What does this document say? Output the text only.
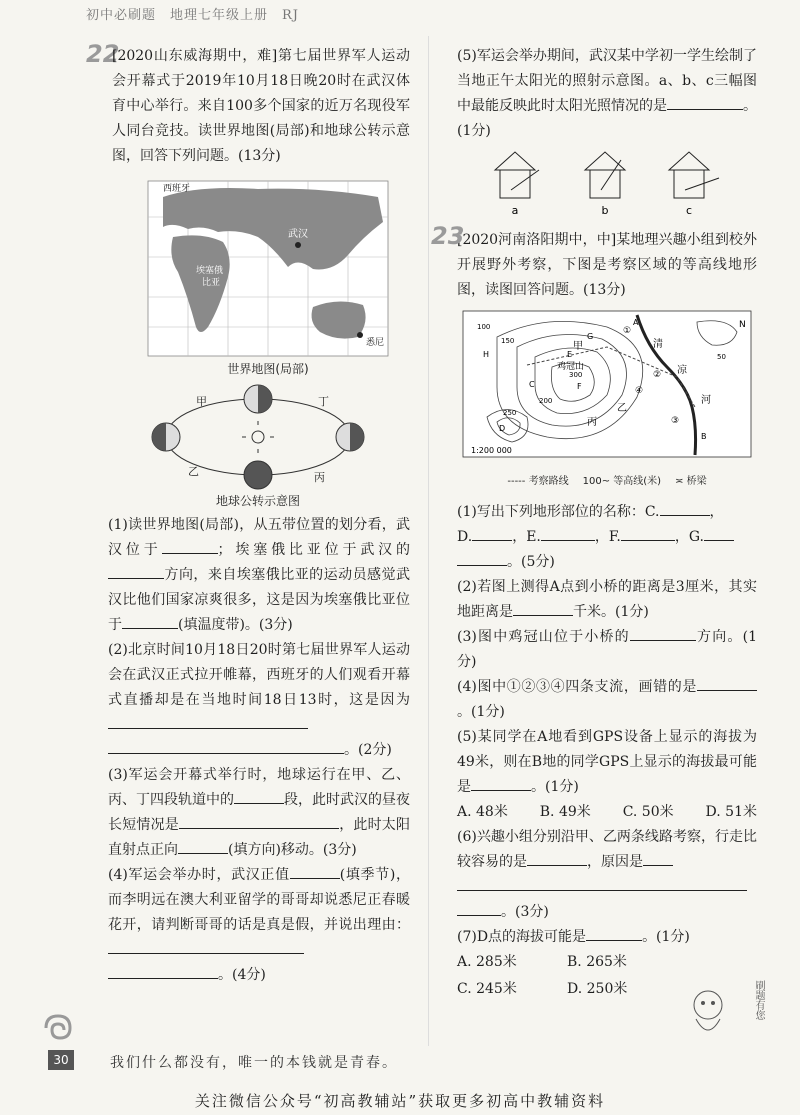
初中必刷题　地理七年级上册　RJ
22

[2020山东威海期中，难]第七届世界军人运动会开幕式于2019年10月18日晚20时在武汉体育中心举行。来自100多个国家的近万名现役军人同台竞技。读世界地图(局部)和地球公转示意图，回答下列问题。(13分)

西班牙
武汉
埃塞俄
比亚
悉尼
世界地图(局部)
甲	丁
乙	丙
地球公转示意图

(1)读世界地图(局部)，从五带位置的划分看，武汉位于	；埃塞俄比亚位于武汉的方向，来自埃塞俄比亚的运动员感觉武汉比他们国家凉爽很多，这是因为埃塞俄比亚位于	(填温度带)。(3分)

(2)北京时间10月18日20时第七届世界军人运动会在武汉正式拉开帷幕，西班牙的人们观看开幕式直播却是在当地时间18日13时，这是因为
。(2分)

(3)军运会开幕式举行时，地球运行在甲、乙、丙、丁四段轨道中的	段，此时武汉的昼夜长短情况是	，此时太阳直射点正向	(填方向)移动。(3分)

(4)军运会举办时，武汉正值	(填季节)，而李明远在澳大利亚留学的哥哥却说悉尼正春暖花开，请判断哥哥的话是真是假，并说出理由：
。(4分)

(5)军运会举办期间，武汉某中学初一学生绘制了当地正午太阳光的照射示意图。a、b、c三幅图中最能反映此时太阳光照情况的是	。(1分)

a	b	c
23

[2020河南洛阳期中，中]某地理兴趣小组到校外开展野外考察，下图是考察区域的等高线地形图，读图回答问题。(13分)

1:200 000
N
甲
乙
丙
鸡冠山
清
凉
河
A
B
C
D
E
F
G
H
100
150
200
250
300
50
①
②
③
④
----- 考察路线 100~ 等高线(米) ≍ 桥梁

(1)写出下列地形部位的名称：C.	，
D.	，E.	，F.	，G.
。(5分)

(2)若图上测得A点到小桥的距离是3厘米，其实地距离是	千米。(1分)

(3)图中鸡冠山位于小桥的	方向。(1分)

(4)图中①②③④四条支流，画错的是。(1分)

(5)某同学在A地看到GPS设备上显示的海拔为49米，则在B地的同学GPS上显示的海拔最可能是	。(1分)

A. 48米 B. 49米 C. 50米 D. 51米

(6)兴趣小组分别沿甲、乙两条线路考察，行走比较容易的是	，原因是

。(3分)

(7)D点的海拔可能是	。(1分)

A. 285米	B. 265米
C. 245米	D. 250米	刷题有您
30	我们什么都没有，唯一的本钱就是青春。
关注微信公众号“初高教辅站”获取更多初高中教辅资料
